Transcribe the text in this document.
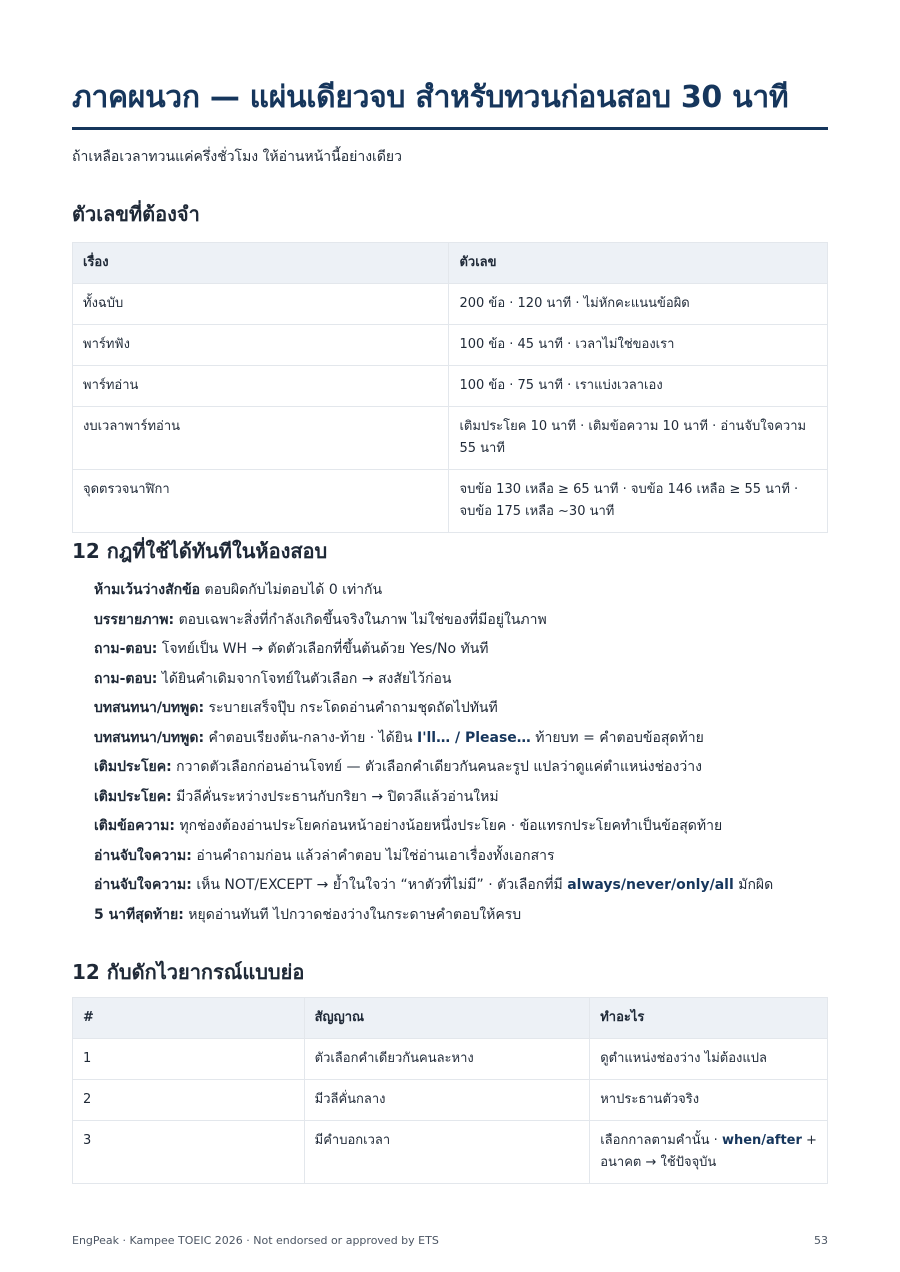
ภาคผนวก — แผ่นเดียวจบ สำหรับทวนก่อนสอบ 30 นาที
ถ้าเหลือเวลาทวนแค่ครึ่งชั่วโมง ให้อ่านหน้านี้อย่างเดียว
ตัวเลขที่ต้องจำ
เรื่อง	ตัวเลข
ทั้งฉบับ	200 ข้อ · 120 นาที · ไม่หักคะแนนข้อผิด
พาร์ทฟัง	100 ข้อ · 45 นาที · เวลาไม่ใช่ของเรา
พาร์ทอ่าน	100 ข้อ · 75 นาที · เราแบ่งเวลาเอง
งบเวลาพาร์ทอ่าน	เติมประโยค 10 นาที · เติมข้อความ 10 นาที · อ่านจับใจความ 55 นาที
จุดตรวจนาฬิกา	จบข้อ 130 เหลือ ≥ 65 นาที · จบข้อ 146 เหลือ ≥ 55 นาที · จบข้อ 175 เหลือ ~30 นาที
12 กฎที่ใช้ได้ทันทีในห้องสอบ
ห้ามเว้นว่างสักข้อ ตอบผิดกับไม่ตอบได้ 0 เท่ากัน
บรรยายภาพ: ตอบเฉพาะสิ่งที่กำลังเกิดขึ้นจริงในภาพ ไม่ใช่ของที่มีอยู่ในภาพ
ถาม-ตอบ: โจทย์เป็น WH → ตัดตัวเลือกที่ขึ้นต้นด้วย Yes/No ทันที
ถาม-ตอบ: ได้ยินคำเดิมจากโจทย์ในตัวเลือก → สงสัยไว้ก่อน
บทสนทนา/บทพูด: ระบายเสร็จปุ๊บ กระโดดอ่านคำถามชุดถัดไปทันที
บทสนทนา/บทพูด: คำตอบเรียงต้น-กลาง-ท้าย · ได้ยิน I'll… / Please… ท้ายบท = คำตอบข้อสุดท้าย
เติมประโยค: กวาดตัวเลือกก่อนอ่านโจทย์ — ตัวเลือกคำเดียวกันคนละรูป แปลว่าดูแค่ตำแหน่งช่องว่าง
เติมประโยค: มีวลีคั่นระหว่างประธานกับกริยา → ปิดวลีแล้วอ่านใหม่
เติมข้อความ: ทุกช่องต้องอ่านประโยคก่อนหน้าอย่างน้อยหนึ่งประโยค · ข้อแทรกประโยคทำเป็นข้อสุดท้าย
อ่านจับใจความ: อ่านคำถามก่อน แล้วล่าคำตอบ ไม่ใช่อ่านเอาเรื่องทั้งเอกสาร
อ่านจับใจความ: เห็น NOT/EXCEPT → ย้ำในใจว่า “หาตัวที่ไม่มี” · ตัวเลือกที่มี always/never/only/all มักผิด
5 นาทีสุดท้าย: หยุดอ่านทันที ไปกวาดช่องว่างในกระดาษคำตอบให้ครบ
12 กับดักไวยากรณ์แบบย่อ
#	สัญญาณ	ทำอะไร
1	ตัวเลือกคำเดียวกันคนละหาง	ดูตำแหน่งช่องว่าง ไม่ต้องแปล
2	มีวลีคั่นกลาง	หาประธานตัวจริง
3	มีคำบอกเวลา	เลือกกาลตามคำนั้น · when/after + อนาคต → ใช้ปัจจุบัน
EngPeak · Kampee TOEIC 2026 · Not endorsed or approved by ETS	53
